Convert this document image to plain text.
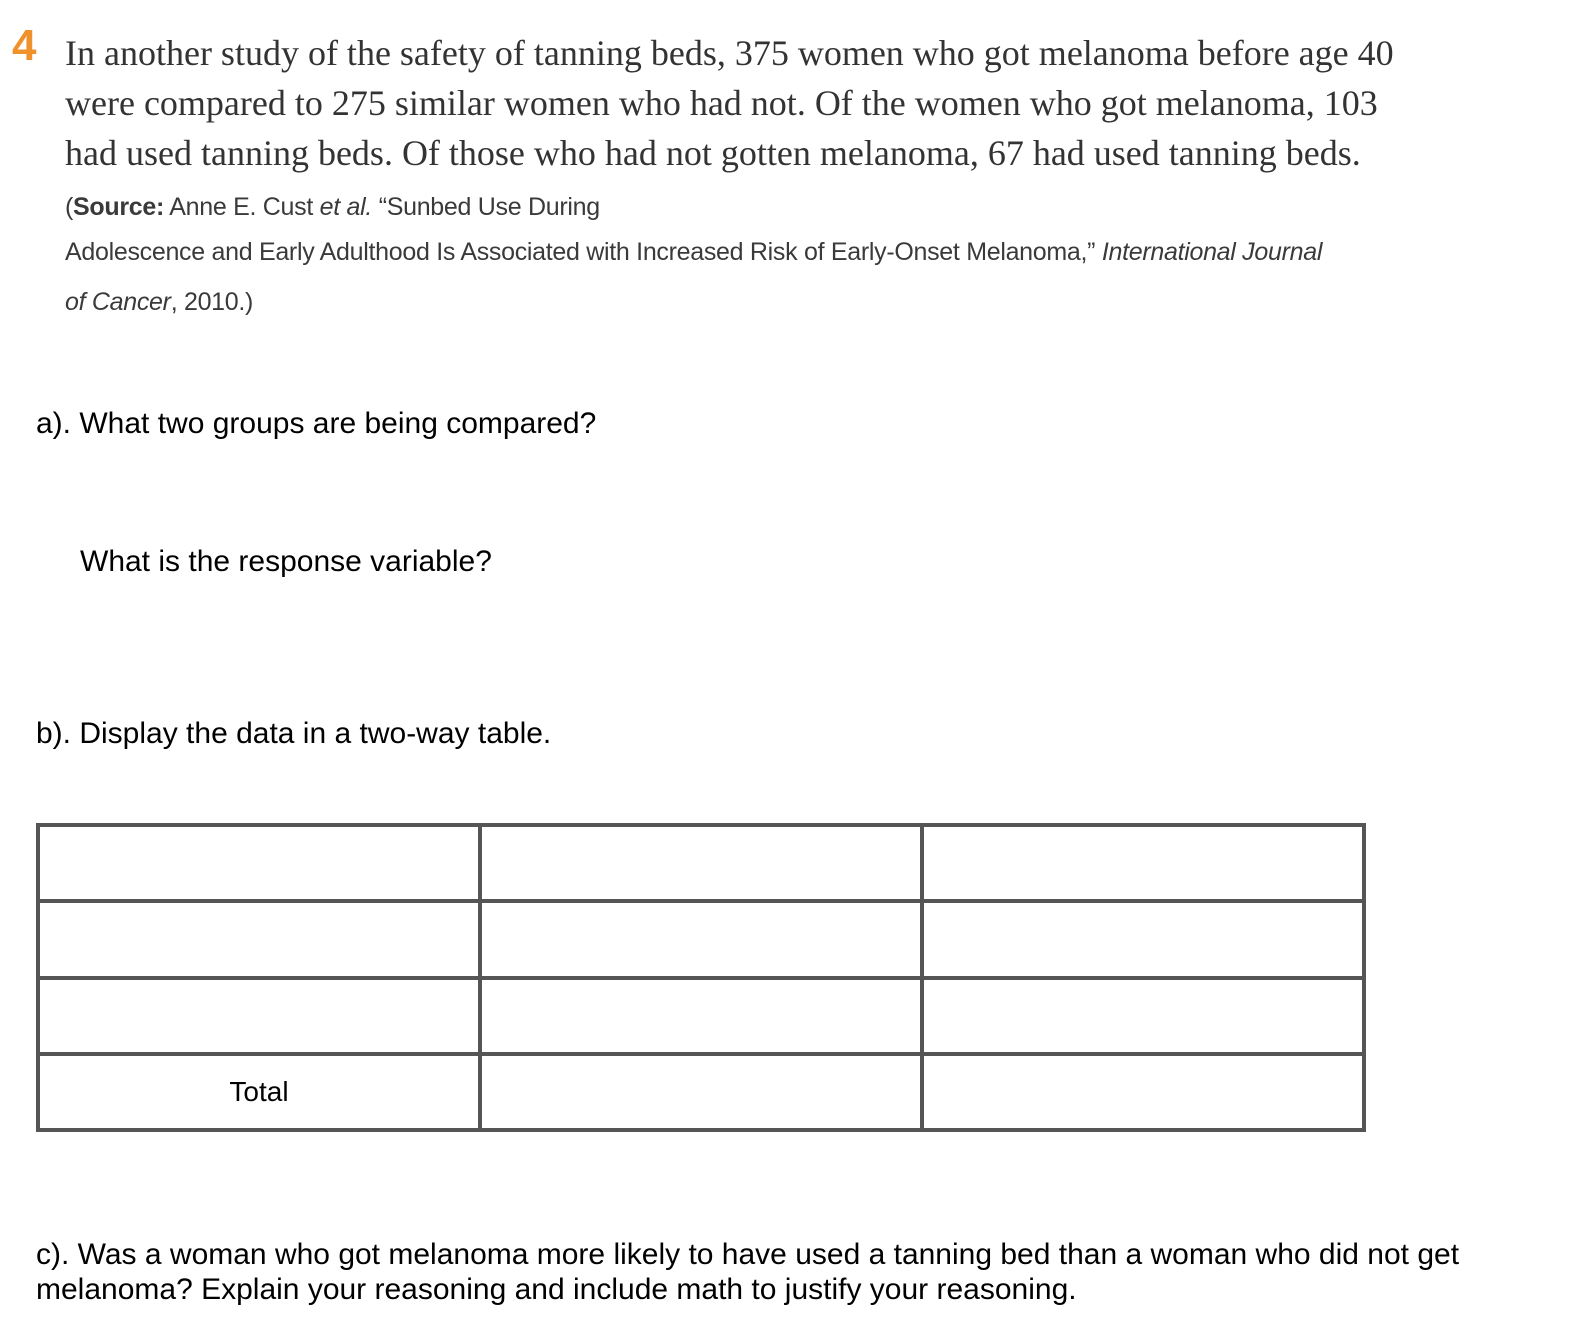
4 In another study of the safety of tanning beds, 375 women who got melanoma before age 40 were compared to 275 similar women who had not. Of the women who got melanoma, 103 had used tanning beds. Of those who had not gotten melanoma, 67 had used tanning beds. (Source: Anne E. Cust et al. “Sunbed Use During
Adolescence and Early Adulthood Is Associated with Increased Risk of Early-Onset Melanoma,” International Journal
of Cancer, 2010.)
a). What two groups are being compared?
What is the response variable?
b). Display the data in a two-way table.

Total		
c). Was a woman who got melanoma more likely to have used a tanning bed than a woman who did not get melanoma? Explain your reasoning and include math to justify your reasoning.
